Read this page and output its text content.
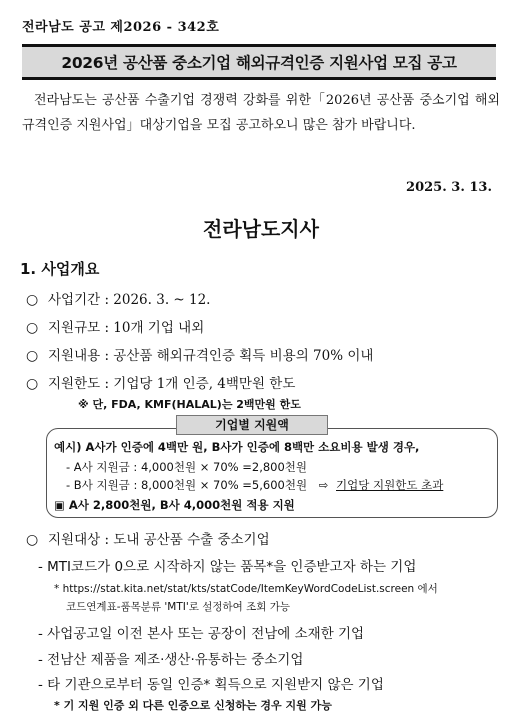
전라남도 공고 제2026 - 342호
2026년 공산품 중소기업 해외규격인증 지원사업 모집 공고
전라남도는 공산품 수출기업 경쟁력 강화를 위한「2026년 공산품 중소기업 해외규격인증 지원사업」대상기업을 모집 공고하오니 많은 참가 바랍니다.
2025. 3. 13.
전라남도지사
1. 사업개요
○ 사업기간 : 2026. 3. ~ 12.
○ 지원규모 : 10개 기업 내외
○ 지원내용 : 공산품 해외규격인증 획득 비용의 70% 이내
○ 지원한도 : 기업당 1개 인증, 4백만원 한도
※ 단, FDA, KMF(HALAL)는 2백만원 한도
기업별 지원액
예시) A사가 인증에 4백만 원, B사가 인증에 8백만 소요비용 발생 경우,
- A사 지원금 : 4,000천원 × 70% =2,800천원
- B사 지원금 : 8,000천원 × 70% =5,600천원 ⇨ 기업당 지원한도 초과
▣ A사 2,800천원, B사 4,000천원 적용 지원
○ 지원대상 : 도내 공산품 수출 중소기업
- MTI코드가 0으로 시작하지 않는 품목*을 인증받고자 하는 기업
* https://stat.kita.net/stat/kts/statCode/ItemKeyWordCodeList.screen 에서
코드연계표-품목분류 'MTI'로 설정하여 조회 가능
- 사업공고일 이전 본사 또는 공장이 전남에 소재한 기업
- 전남산 제품을 제조·생산·유통하는 중소기업
- 타 기관으로부터 동일 인증* 획득으로 지원받지 않은 기업
* 기 지원 인증 외 다른 인증으로 신청하는 경우 지원 가능
